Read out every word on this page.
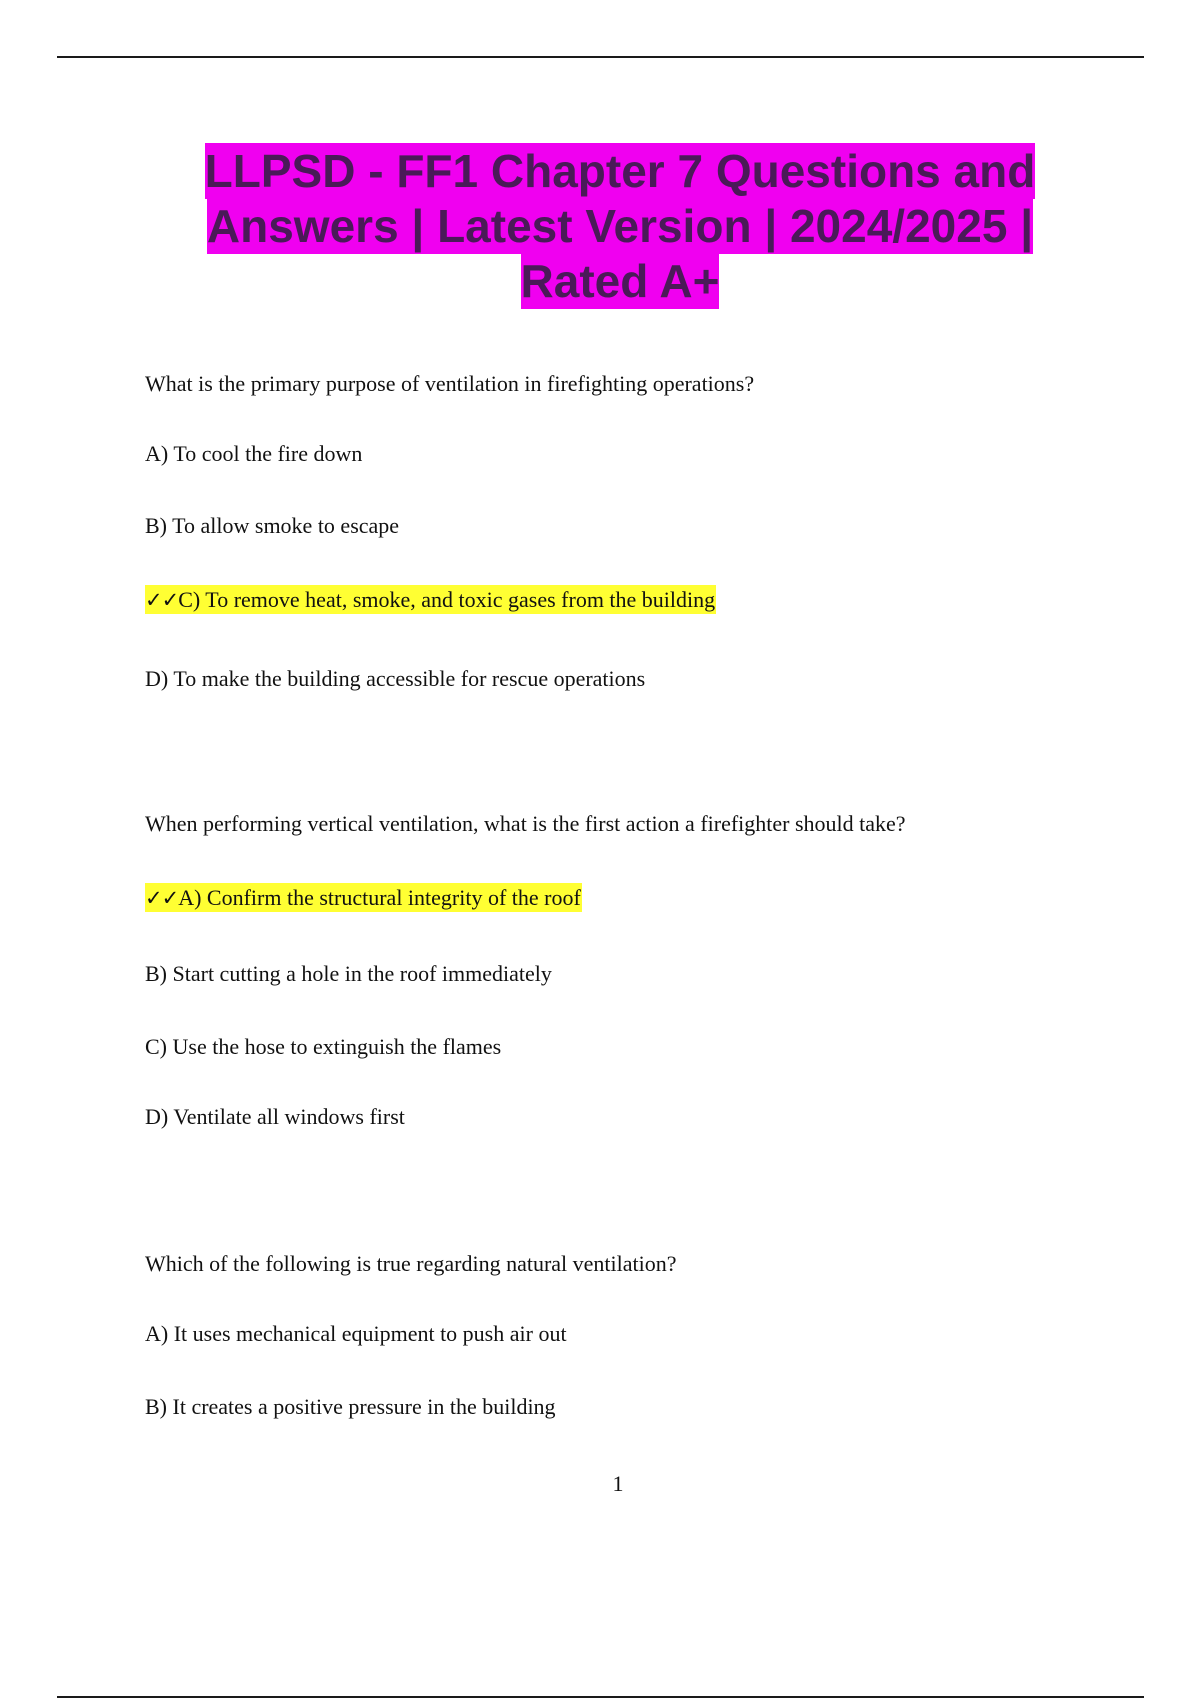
LLPSD - FF1 Chapter 7 Questions and Answers | Latest Version | 2024/2025 | Rated A+

What is the primary purpose of ventilation in firefighting operations?

A) To cool the fire down

B) To allow smoke to escape

✓✓C) To remove heat, smoke, and toxic gases from the building

D) To make the building accessible for rescue operations

When performing vertical ventilation, what is the first action a firefighter should take?

✓✓A) Confirm the structural integrity of the roof

B) Start cutting a hole in the roof immediately

C) Use the hose to extinguish the flames

D) Ventilate all windows first

Which of the following is true regarding natural ventilation?

A) It uses mechanical equipment to push air out

B) It creates a positive pressure in the building

1
